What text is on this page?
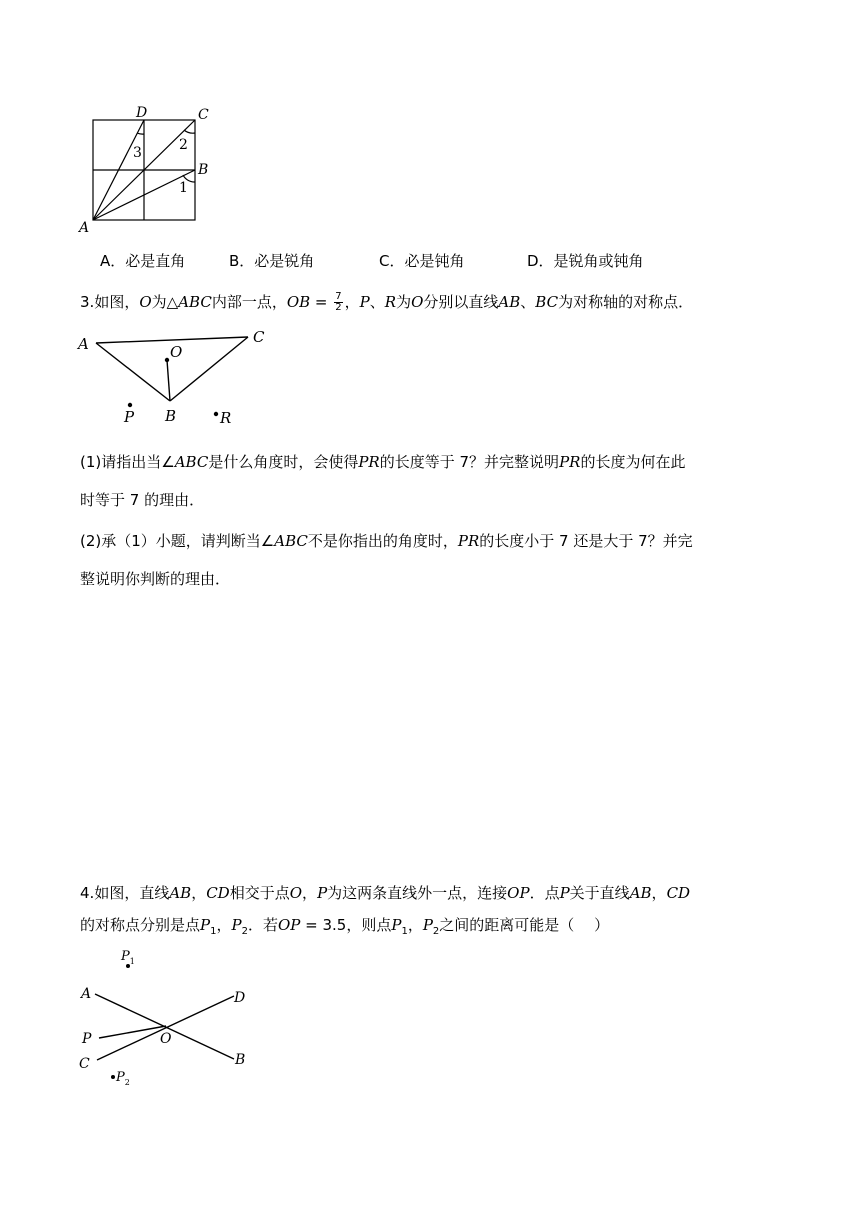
D	C
B
A
3	2
1
A．必是直角	B．必是锐角	C．必是钝角	D．是锐角或钝角
3.如图，O为△ABC内部一点，OB = $\frac{7}{2}$ ，P、R为O分别以直线AB、BC为对称轴的对称点．
A	C
O
B
P	R
(1)请指出当∠ABC是什么角度时，会使得PR的长度等于 7？并完整说明PR的长度为何在此
时等于 7 的理由．
(2)承（1）小题，请判断当∠ABC不是你指出的角度时，PR的长度小于 7 还是大于 7？并完
整说明你判断的理由．
4.如图，直线AB，CD相交于点O，P为这两条直线外一点，连接OP．点P关于直线AB，CD
的对称点分别是点$P_1$，$P_2$．若OP = 3.5，则点$P_1$，$P_2$之间的距离可能是（　 ）
$P_1$
A	D
P	O
C	B
$P_2$
